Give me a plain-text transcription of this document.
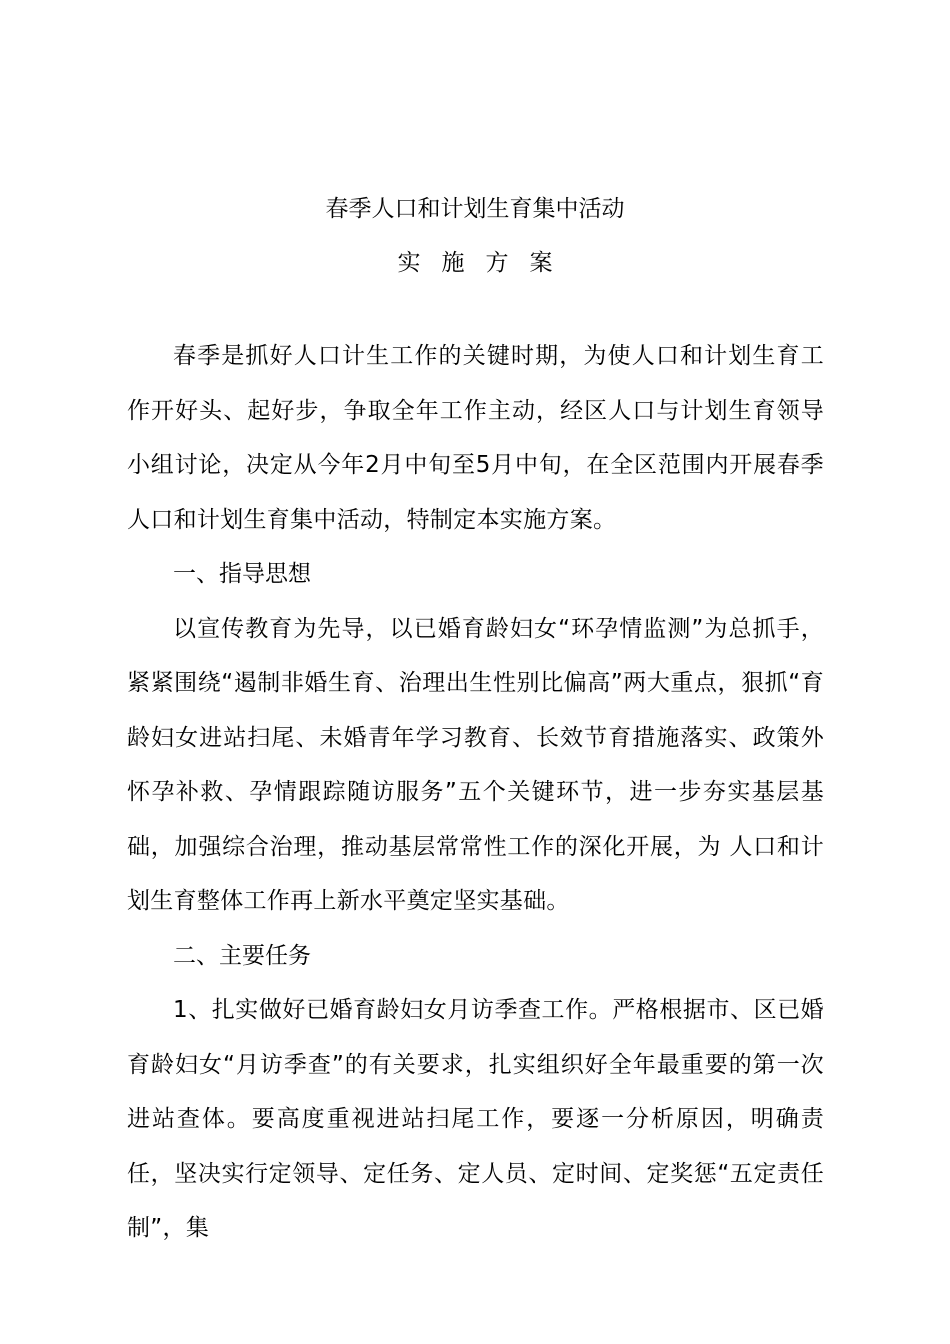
春季人口和计划生育集中活动
实施方案

春季是抓好人口计生工作的关键时期，为使人口和计划生育工作开好头、起好步，争取全年工作主动，经区人口与计划生育领导小组讨论，决定从今年2月中旬至5月中旬，在全区范围内开展春季人口和计划生育集中活动，特制定本实施方案。

一、指导思想

以宣传教育为先导，以已婚育龄妇女“环孕情监测”为总抓手，紧紧围绕“遏制非婚生育、治理出生性别比偏高”两大重点，狠抓“育龄妇女进站扫尾、未婚青年学习教育、长效节育措施落实、政策外怀孕补救、孕情跟踪随访服务”五个关键环节，进一步夯实基层基础，加强综合治理，推动基层常常性工作的深化开展，为 人口和计划生育整体工作再上新水平奠定坚实基础。

二、主要任务

1、扎实做好已婚育龄妇女月访季查工作。严格根据市、区已婚育龄妇女“月访季查”的有关要求，扎实组织好全年最重要的第一次进站查体。要高度重视进站扫尾工作，要逐一分析原因，明确责任，坚决实行定领导、定任务、定人员、定时间、定奖惩“五定责任制”，集
